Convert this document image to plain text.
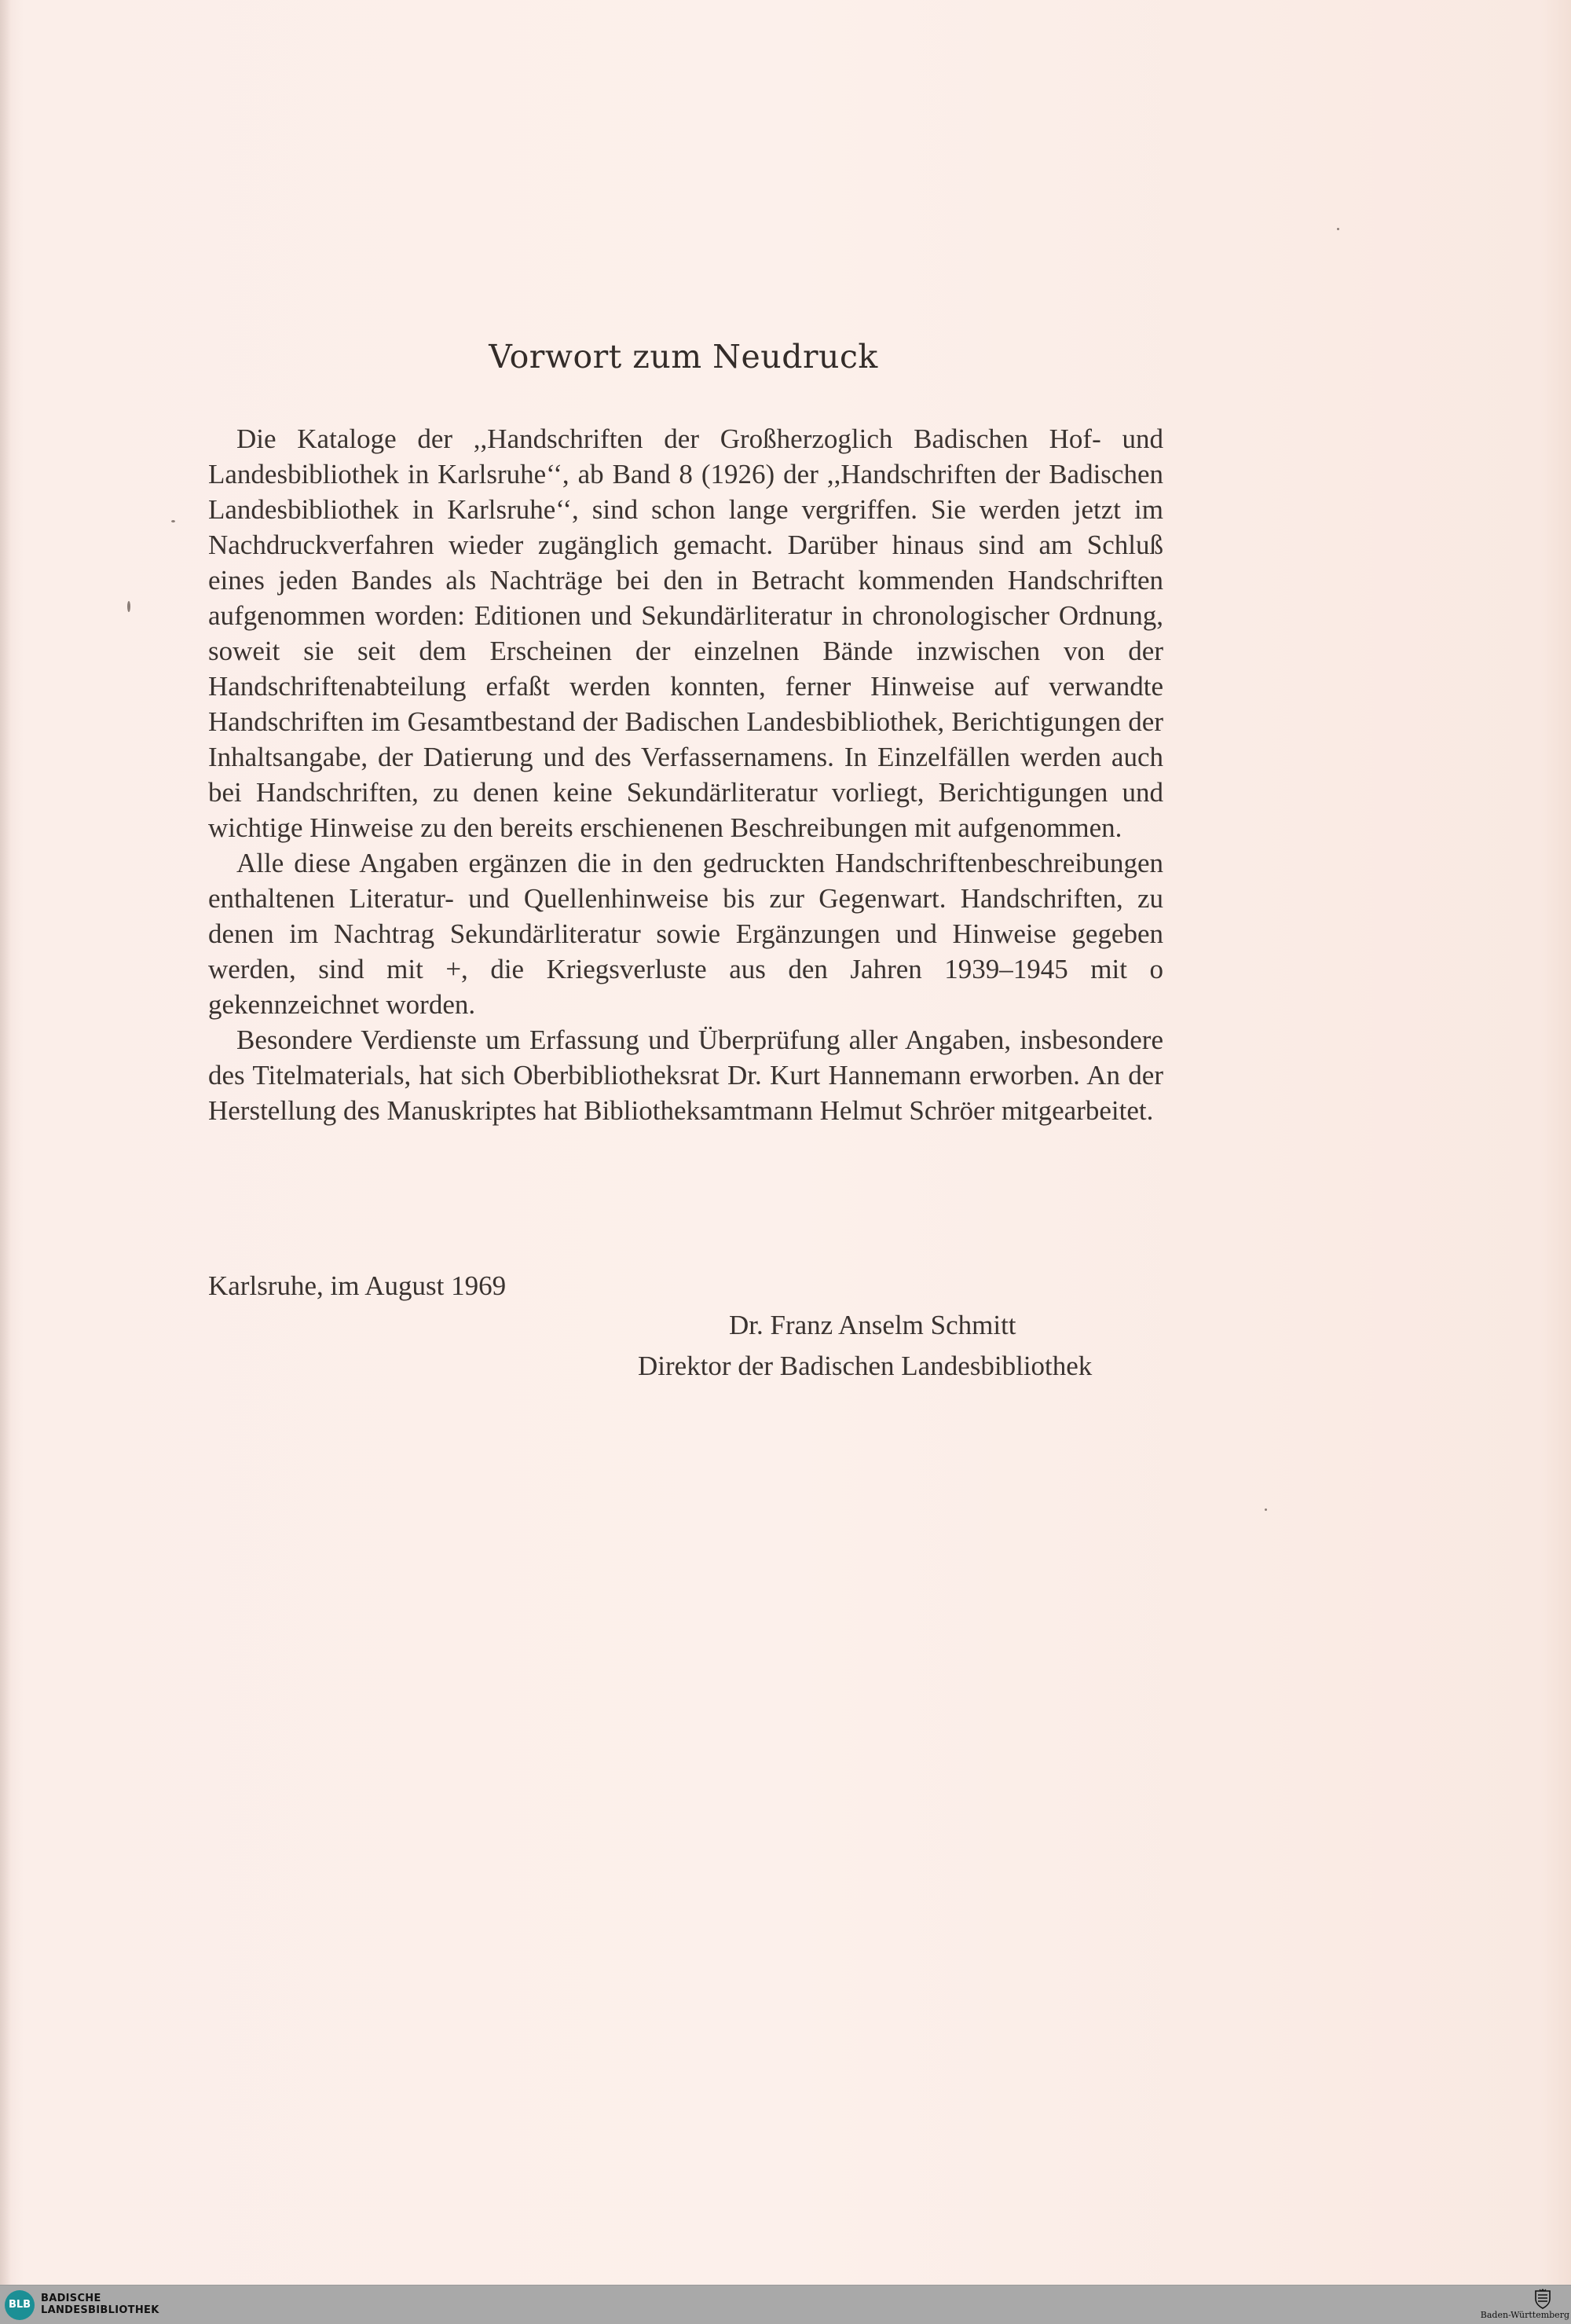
Vorwort zum Neudruck

Die Kataloge der ,,Handschriften der Großherzoglich Badischen Hof- und Landesbibliothek in Karlsruhe‘‘, ab Band 8 (1926) der ,,Handschriften der Badischen Landesbibliothek in Karlsruhe‘‘, sind schon lange vergriffen. Sie werden jetzt im Nachdruckverfahren wieder zugänglich gemacht. Darüber hinaus sind am Schluß eines jeden Bandes als Nachträge bei den in Betracht kommenden Handschriften aufgenommen worden: Editionen und Sekundärliteratur in chronologischer Ordnung, soweit sie seit dem Erscheinen der einzelnen Bände inzwischen von der Handschriftenabteilung erfaßt werden konnten, ferner Hinweise auf verwandte Handschriften im Gesamtbestand der Badischen Landesbibliothek, Berichtigungen der Inhaltsangabe, der Datierung und des Verfassernamens. In Einzelfällen werden auch bei Handschriften, zu denen keine Sekundärliteratur vorliegt, Berichtigungen und wichtige Hinweise zu den bereits erschienenen Beschreibungen mit aufgenommen.

Alle diese Angaben ergänzen die in den gedruckten Handschriftenbeschreibungen enthaltenen Literatur- und Quellenhinweise bis zur Gegenwart. Handschriften, zu denen im Nachtrag Sekundärliteratur sowie Ergänzungen und Hinweise gegeben werden, sind mit +, die Kriegsverluste aus den Jahren 1939–1945 mit o gekennzeichnet worden.

Besondere Verdienste um Erfassung und Überprüfung aller Angaben, insbesondere des Titelmaterials, hat sich Oberbibliotheksrat Dr. Kurt Hannemann erworben. An der Herstellung des Manuskriptes hat Bibliotheksamtmann Helmut Schröer mitgearbeitet.

Karlsruhe, im August 1969
Dr. Franz Anselm Schmitt
Direktor der Badischen Landesbibliothek
BLB
BADISCHE
LANDESBIBLIOTHEK	Baden-Württemberg
